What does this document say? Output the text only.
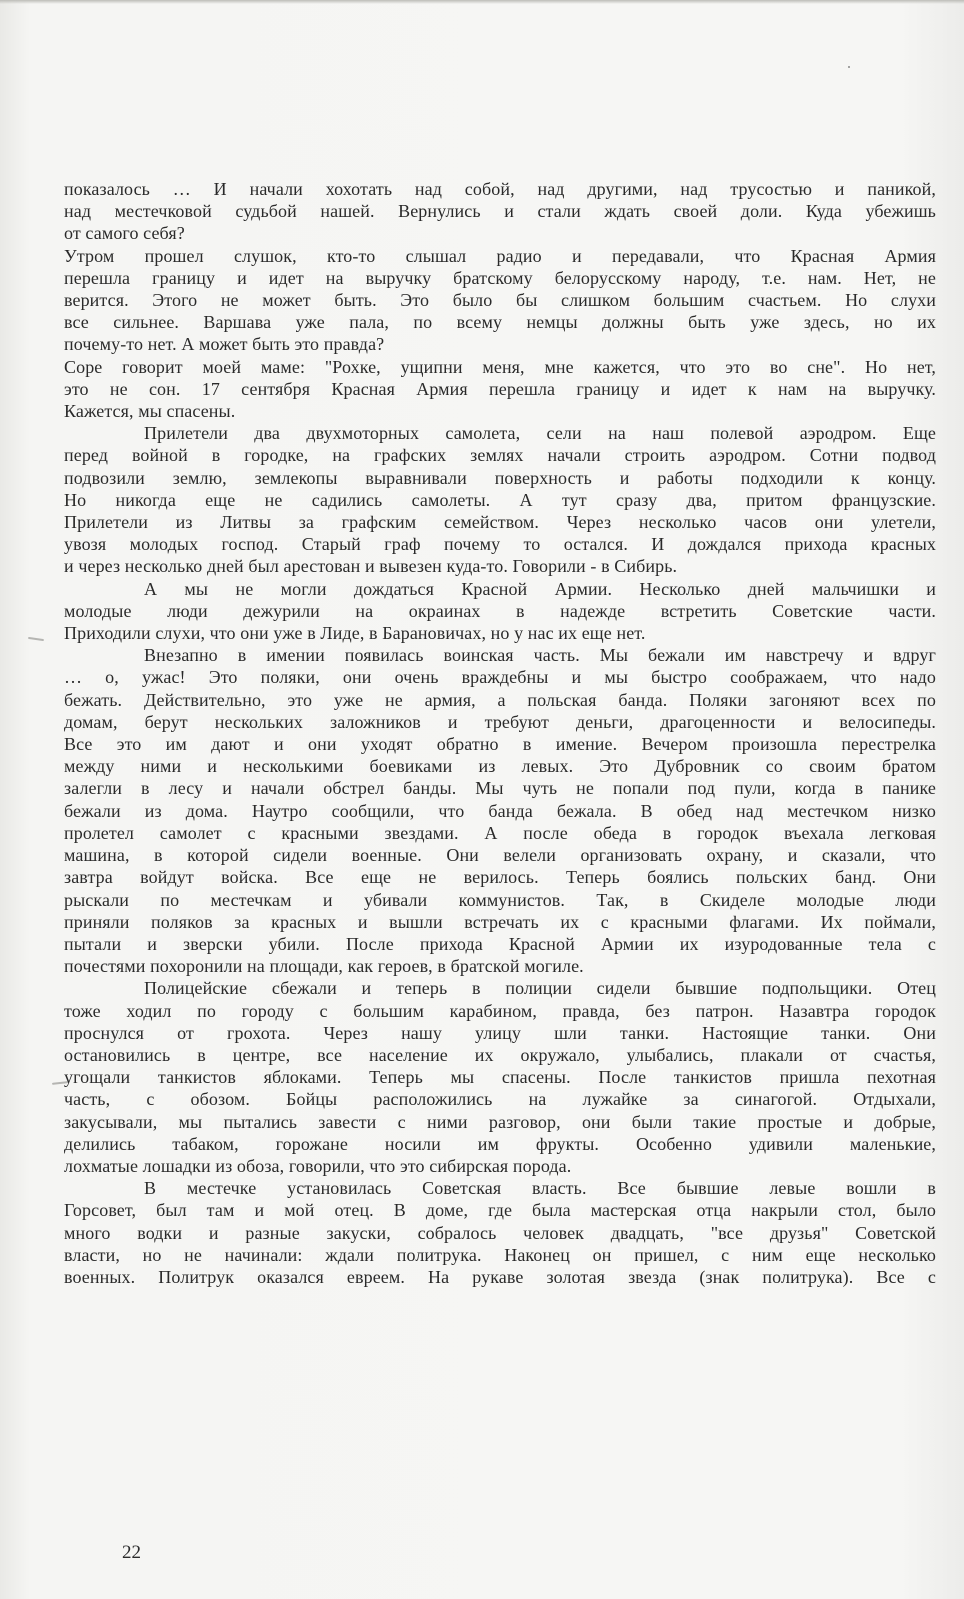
показалось … И начали хохотать над собой, над другими, над трусостью и паникой,
над местечковой судьбой нашей. Вернулись и стали ждать своей доли. Куда убежишь
от самого себя?
Утром прошел слушок, кто-то слышал радио и передавали, что Красная Армия
перешла границу и идет на выручку братскому белорусскому народу, т.е. нам. Нет, не
верится. Этого не может быть. Это было бы слишком большим счастьем. Но слухи
все сильнее. Варшава уже пала, по всему немцы должны быть уже здесь, но их
почему-то нет. А может быть это правда?
Соре говорит моей маме: "Рохке, ущипни меня, мне кажется, что это во сне". Но нет,
это не сон. 17 сентября Красная Армия перешла границу и идет к нам на выручку.
Кажется, мы спасены.
Прилетели два двухмоторных самолета, сели на наш полевой аэродром. Еще
перед войной в городке, на графских землях начали строить аэродром. Сотни подвод
подвозили землю, землекопы выравнивали поверхность и работы подходили к концу.
Но никогда еще не садились самолеты. А тут сразу два, притом французские.
Прилетели из Литвы за графским семейством. Через несколько часов они улетели,
увозя молодых господ. Старый граф почему то остался. И дождался прихода красных
и через несколько дней был арестован и вывезен куда-то. Говорили - в Сибирь.
А мы не могли дождаться Красной Армии. Несколько дней мальчишки и
молодые люди дежурили на окраинах в надежде встретить Советские части.
Приходили слухи, что они уже в Лиде, в Барановичах, но у нас их еще нет.
Внезапно в имении появилась воинская часть. Мы бежали им навстречу и вдруг
… о, ужас! Это поляки, они очень враждебны и мы быстро соображаем, что надо
бежать. Действительно, это уже не армия, а польская банда. Поляки загоняют всех по
домам, берут нескольких заложников и требуют деньги, драгоценности и велосипеды.
Все это им дают и они уходят обратно в имение. Вечером произошла перестрелка
между ними и несколькими боевиками из левых. Это Дубровник со своим братом
залегли в лесу и начали обстрел банды. Мы чуть не попали под пули, когда в панике
бежали из дома. Наутро сообщили, что банда бежала. В обед над местечком низко
пролетел самолет с красными звездами. А после обеда в городок въехала легковая
машина, в которой сидели военные. Они велели организовать охрану, и сказали, что
завтра войдут войска. Все еще не верилось. Теперь боялись польских банд. Они
рыскали по местечкам и убивали коммунистов. Так, в Скиделе молодые люди
приняли поляков за красных и вышли встречать их с красными флагами. Их поймали,
пытали и зверски убили. После прихода Красной Армии их изуродованные тела с
почестями похоронили на площади, как героев, в братской могиле.
Полицейские сбежали и теперь в полиции сидели бывшие подпольщики. Отец
тоже ходил по городу с большим карабином, правда, без патрон. Назавтра городок
проснулся от грохота. Через нашу улицу шли танки. Настоящие танки. Они
остановились в центре, все население их окружало, улыбались, плакали от счастья,
угощали танкистов яблоками. Теперь мы спасены. После танкистов пришла пехотная
часть, с обозом. Бойцы расположились на лужайке за синагогой. Отдыхали,
закусывали, мы пытались завести с ними разговор, они были такие простые и добрые,
делились табаком, горожане носили им фрукты. Особенно удивили маленькие,
лохматые лошадки из обоза, говорили, что это сибирская порода.
В местечке установилась Советская власть. Все бывшие левые вошли в
Горсовет, был там и мой отец. В доме, где была мастерская отца накрыли стол, было
много водки и разные закуски, собралось человек двадцать, "все друзья" Советской
власти, но не начинали: ждали политрука. Наконец он пришел, с ним еще несколько
военных. Политрук оказался евреем. На рукаве золотая звезда (знак политрука). Все с
22
